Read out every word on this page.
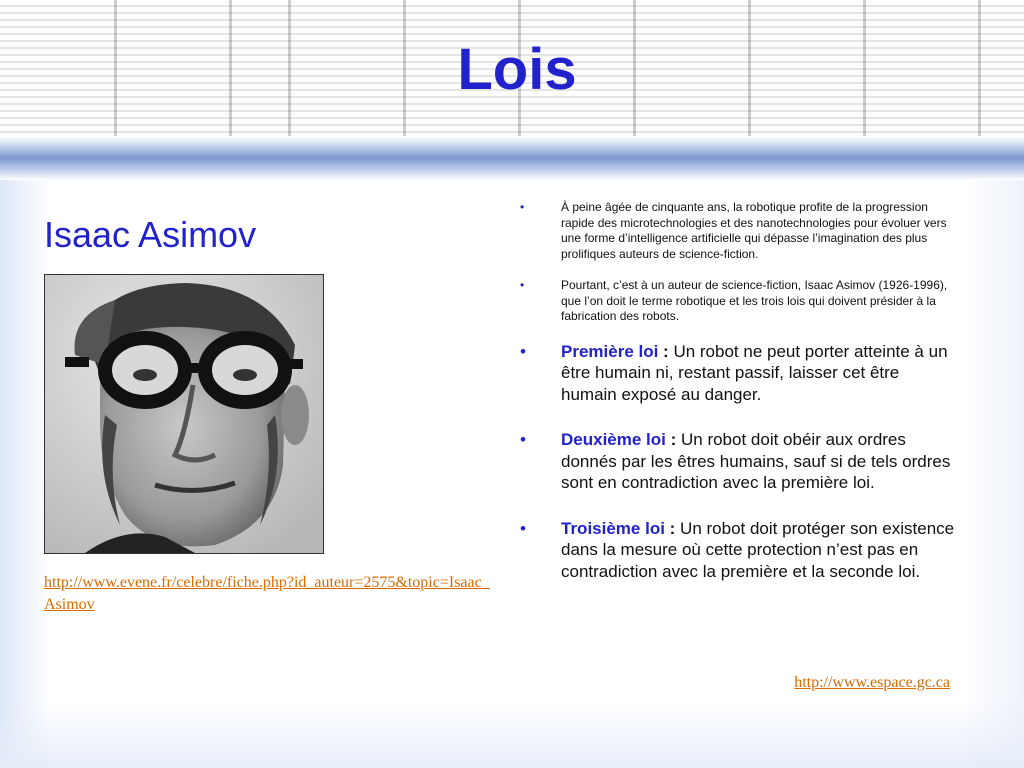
Lois
Isaac Asimov
http://www.evene.fr/celebre/fiche.php?id_auteur=2575&topic=Isaac_Asimov
•	À peine âgée de cinquante ans, la robotique profite de la progression rapide des microtechnologies et des nanotechnologies pour évoluer vers une forme d’intelligence artificielle qui dépasse l’imagination des plus prolifiques auteurs de science-fiction.
•	Pourtant, c’est à un auteur de science-fiction, Isaac Asimov (1926-1996), que l’on doit le terme robotique et les trois lois qui doivent présider à la fabrication des robots.
• Première loi : Un robot ne peut porter atteinte à un être humain ni, restant passif, laisser cet être humain exposé au danger.
• Deuxième loi : Un robot doit obéir aux ordres donnés par les êtres humains, sauf si de tels ordres sont en contradiction avec la première loi.
• Troisième loi : Un robot doit protéger son existence dans la mesure où cette protection n’est pas en contradiction avec la première et la seconde loi.
http://www.espace.gc.ca
